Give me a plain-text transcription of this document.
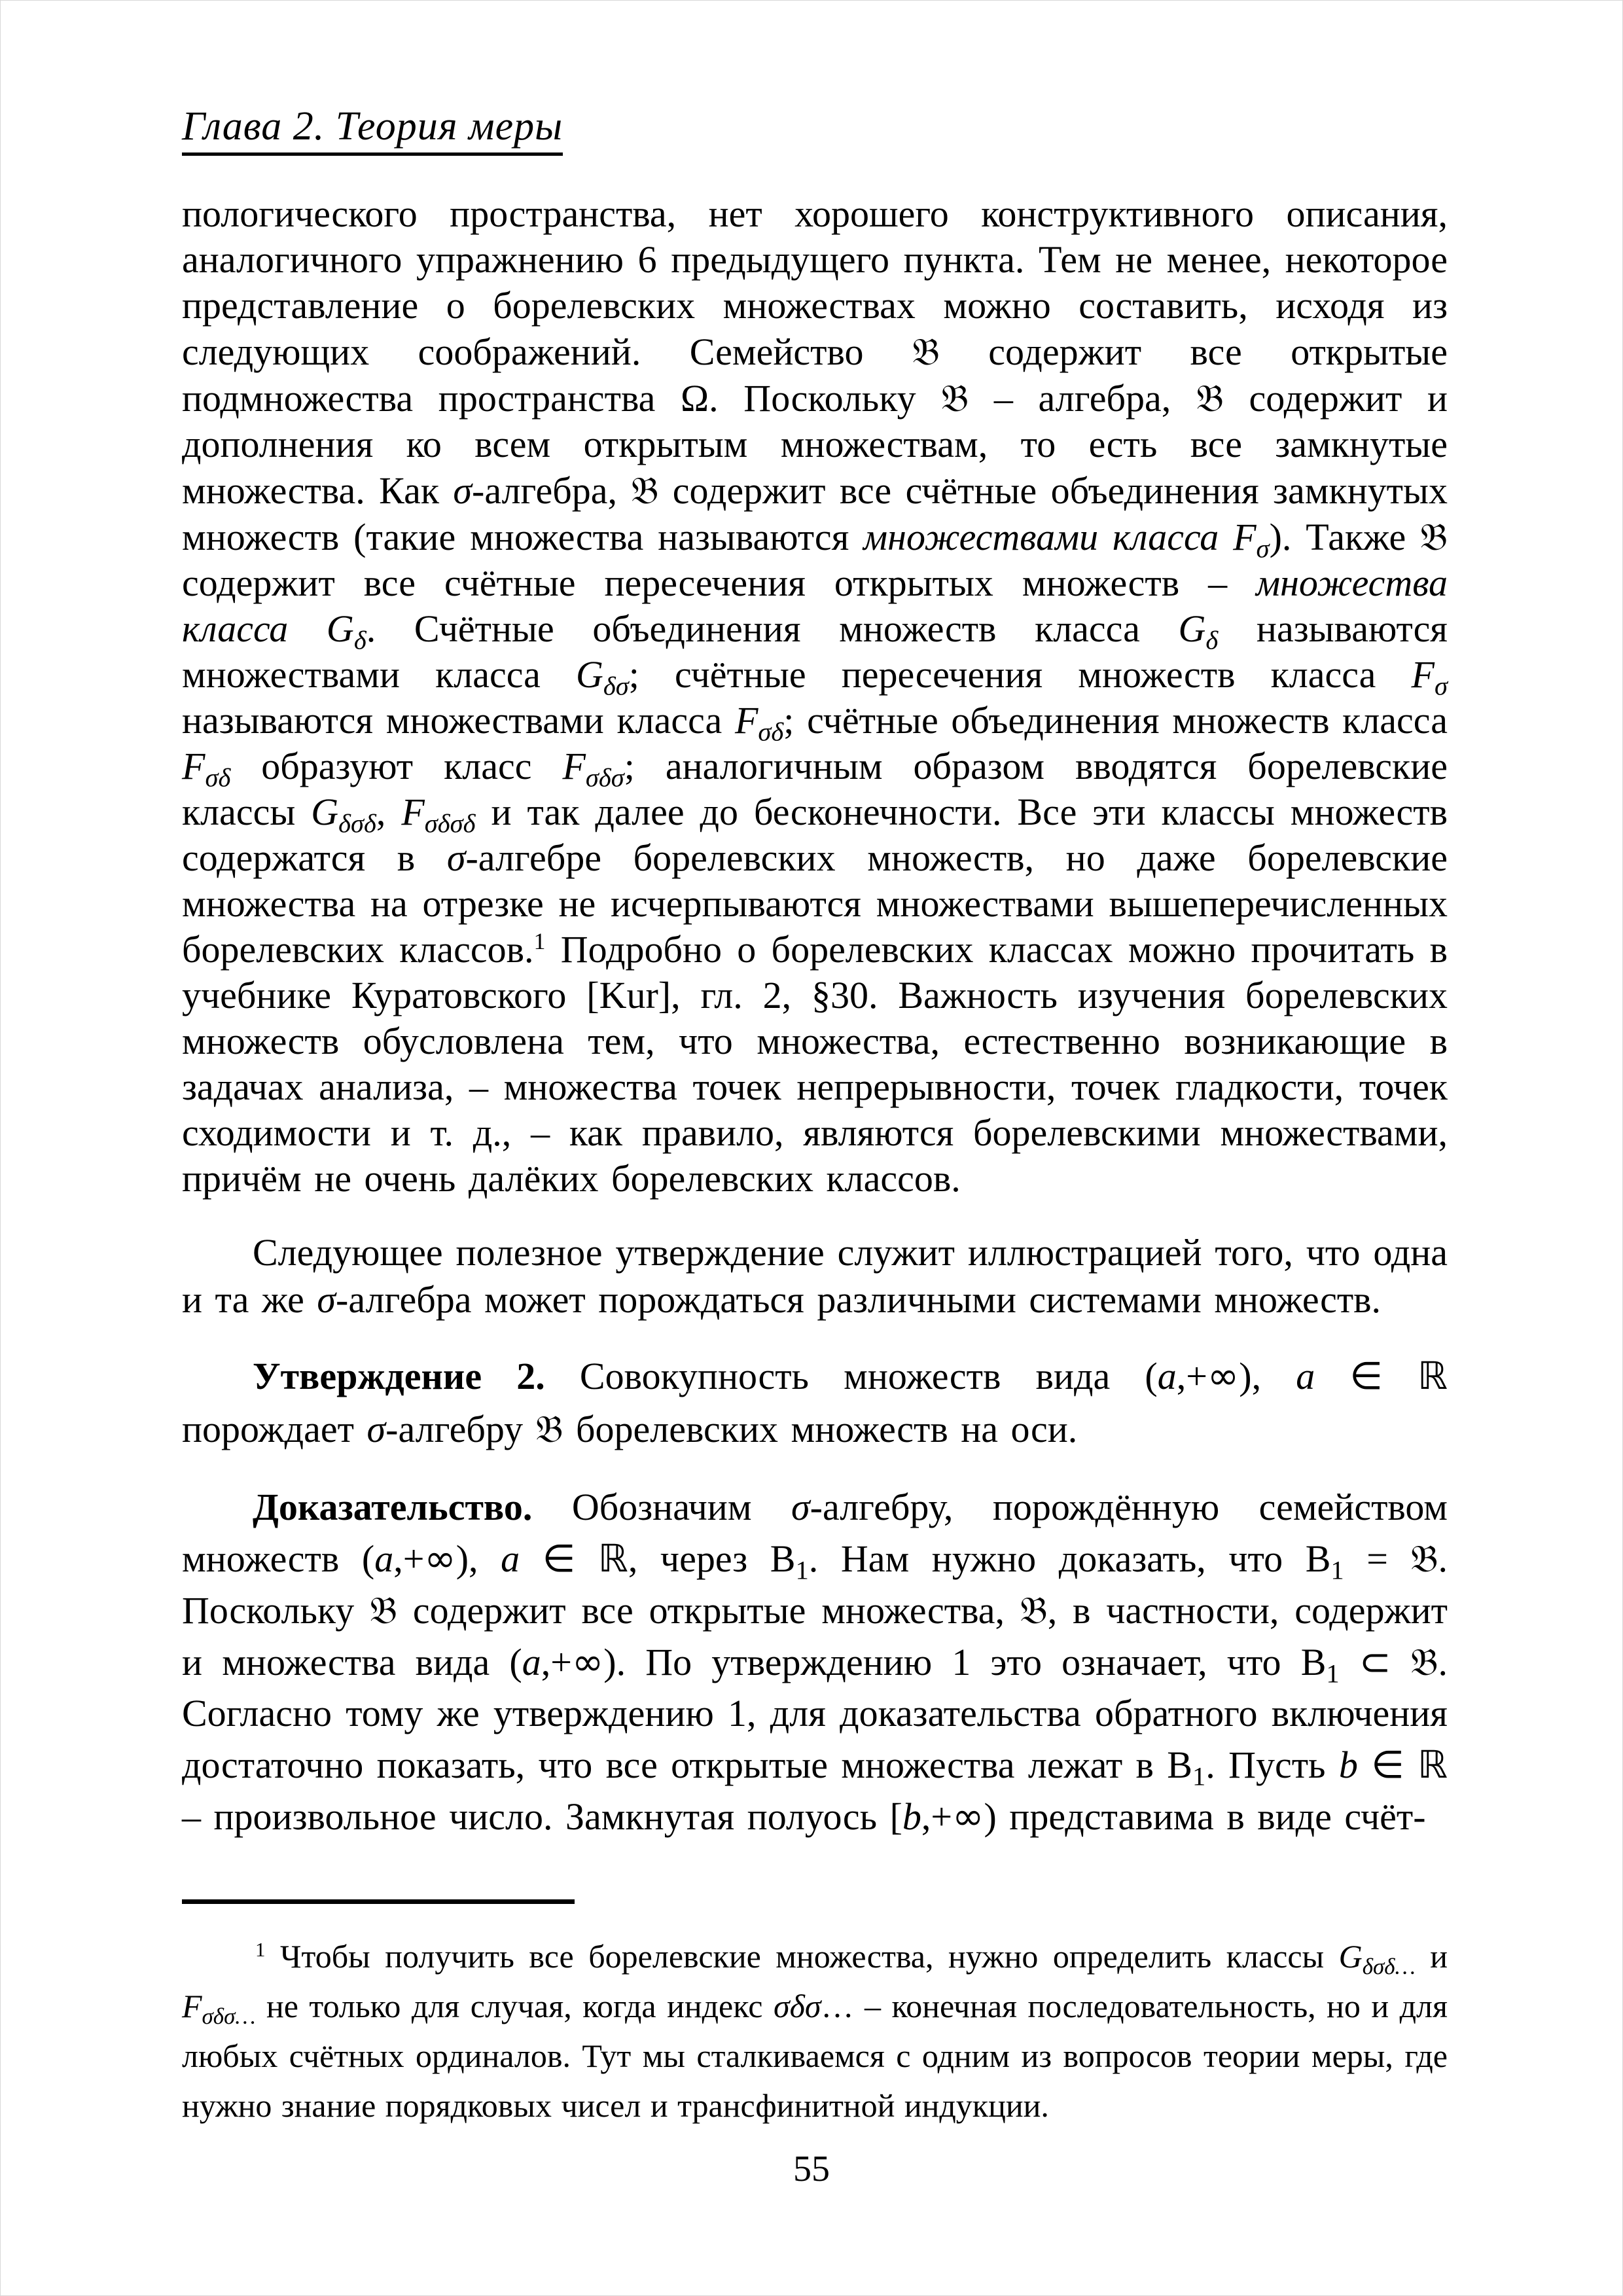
Глава 2. Теория меры

пологического пространства, нет хорошего конструктивного описания, аналогичного упражнению 6 предыдущего пункта. Тем не менее, некоторое представление о борелевских множествах можно составить, исходя из следующих соображений. Семейство 𝔅 содержит все открытые подмножества пространства Ω. Поскольку 𝔅 – алгебра, 𝔅 содержит и дополнения ко всем открытым множествам, то есть все замкнутые множества. Как σ-алгебра, 𝔅 содержит все счётные объединения замкнутых множеств (такие множества называются множествами класса $F_\sigma$). Также 𝔅 содержит все счётные пересечения открытых множеств – множества класса $G_\delta$. Счётные объединения множеств класса $G_\delta$ называются множествами класса $G_{\delta\sigma}$; счётные пересечения множеств класса $F_\sigma$ называются множествами класса $F_{\sigma\delta}$; счётные объединения множеств класса $F_{\sigma\delta}$ образуют класс $F_{\sigma\delta\sigma}$; аналогичным образом вводятся борелевские классы $G_{\delta\sigma\delta}$, $F_{\sigma\delta\sigma\delta}$ и так далее до бесконечности. Все эти классы множеств содержатся в σ-алгебре борелевских множеств, но даже борелевские множества на отрезке не исчерпываются множествами вышеперечисленных борелевских классов.$^1$ Подробно о борелевских классах можно прочитать в учебнике Куратовского [Kur], гл. 2, §30. Важность изучения борелевских множеств обусловлена тем, что множества, естественно возникающие в задачах анализа, – множества точек непрерывности, точек гладкости, точек сходимости и т. д., – как правило, являются борелевскими множествами, причём не очень далёких борелевских классов.

Следующее полезное утверждение служит иллюстрацией того, что одна и та же σ-алгебра может порождаться различными системами множеств.

Утверждение 2. Совокупность множеств вида (a,+∞), a ∈ ℝ порождает σ-алгебру 𝔅 борелевских множеств на оси.

Доказательство. Обозначим σ-алгебру, порождённую семейством множеств (a,+∞), a ∈ ℝ, через $B_1$. Нам нужно доказать, что $B_1$ = 𝔅. Поскольку 𝔅 содержит все открытые множества, 𝔅, в частности, содержит и множества вида (a,+∞). По утверждению 1 это означает, что $B_1$ ⊂ 𝔅. Согласно тому же утверждению 1, для доказательства обратного включения достаточно показать, что все открытые множества лежат в $B_1$. Пусть b ∈ ℝ – произвольное число. Замкнутая полуось [b,+∞) представима в виде счёт-

$^1$ Чтобы получить все борелевские множества, нужно определить классы $G_{\delta\sigma\delta\dots}$ и $F_{\sigma\delta\sigma\dots}$ не только для случая, когда индекс σδσ… – конечная последовательность, но и для любых счётных ординалов. Тут мы сталкиваемся с одним из вопросов теории меры, где нужно знание порядковых чисел и трансфинитной индукции.

55
